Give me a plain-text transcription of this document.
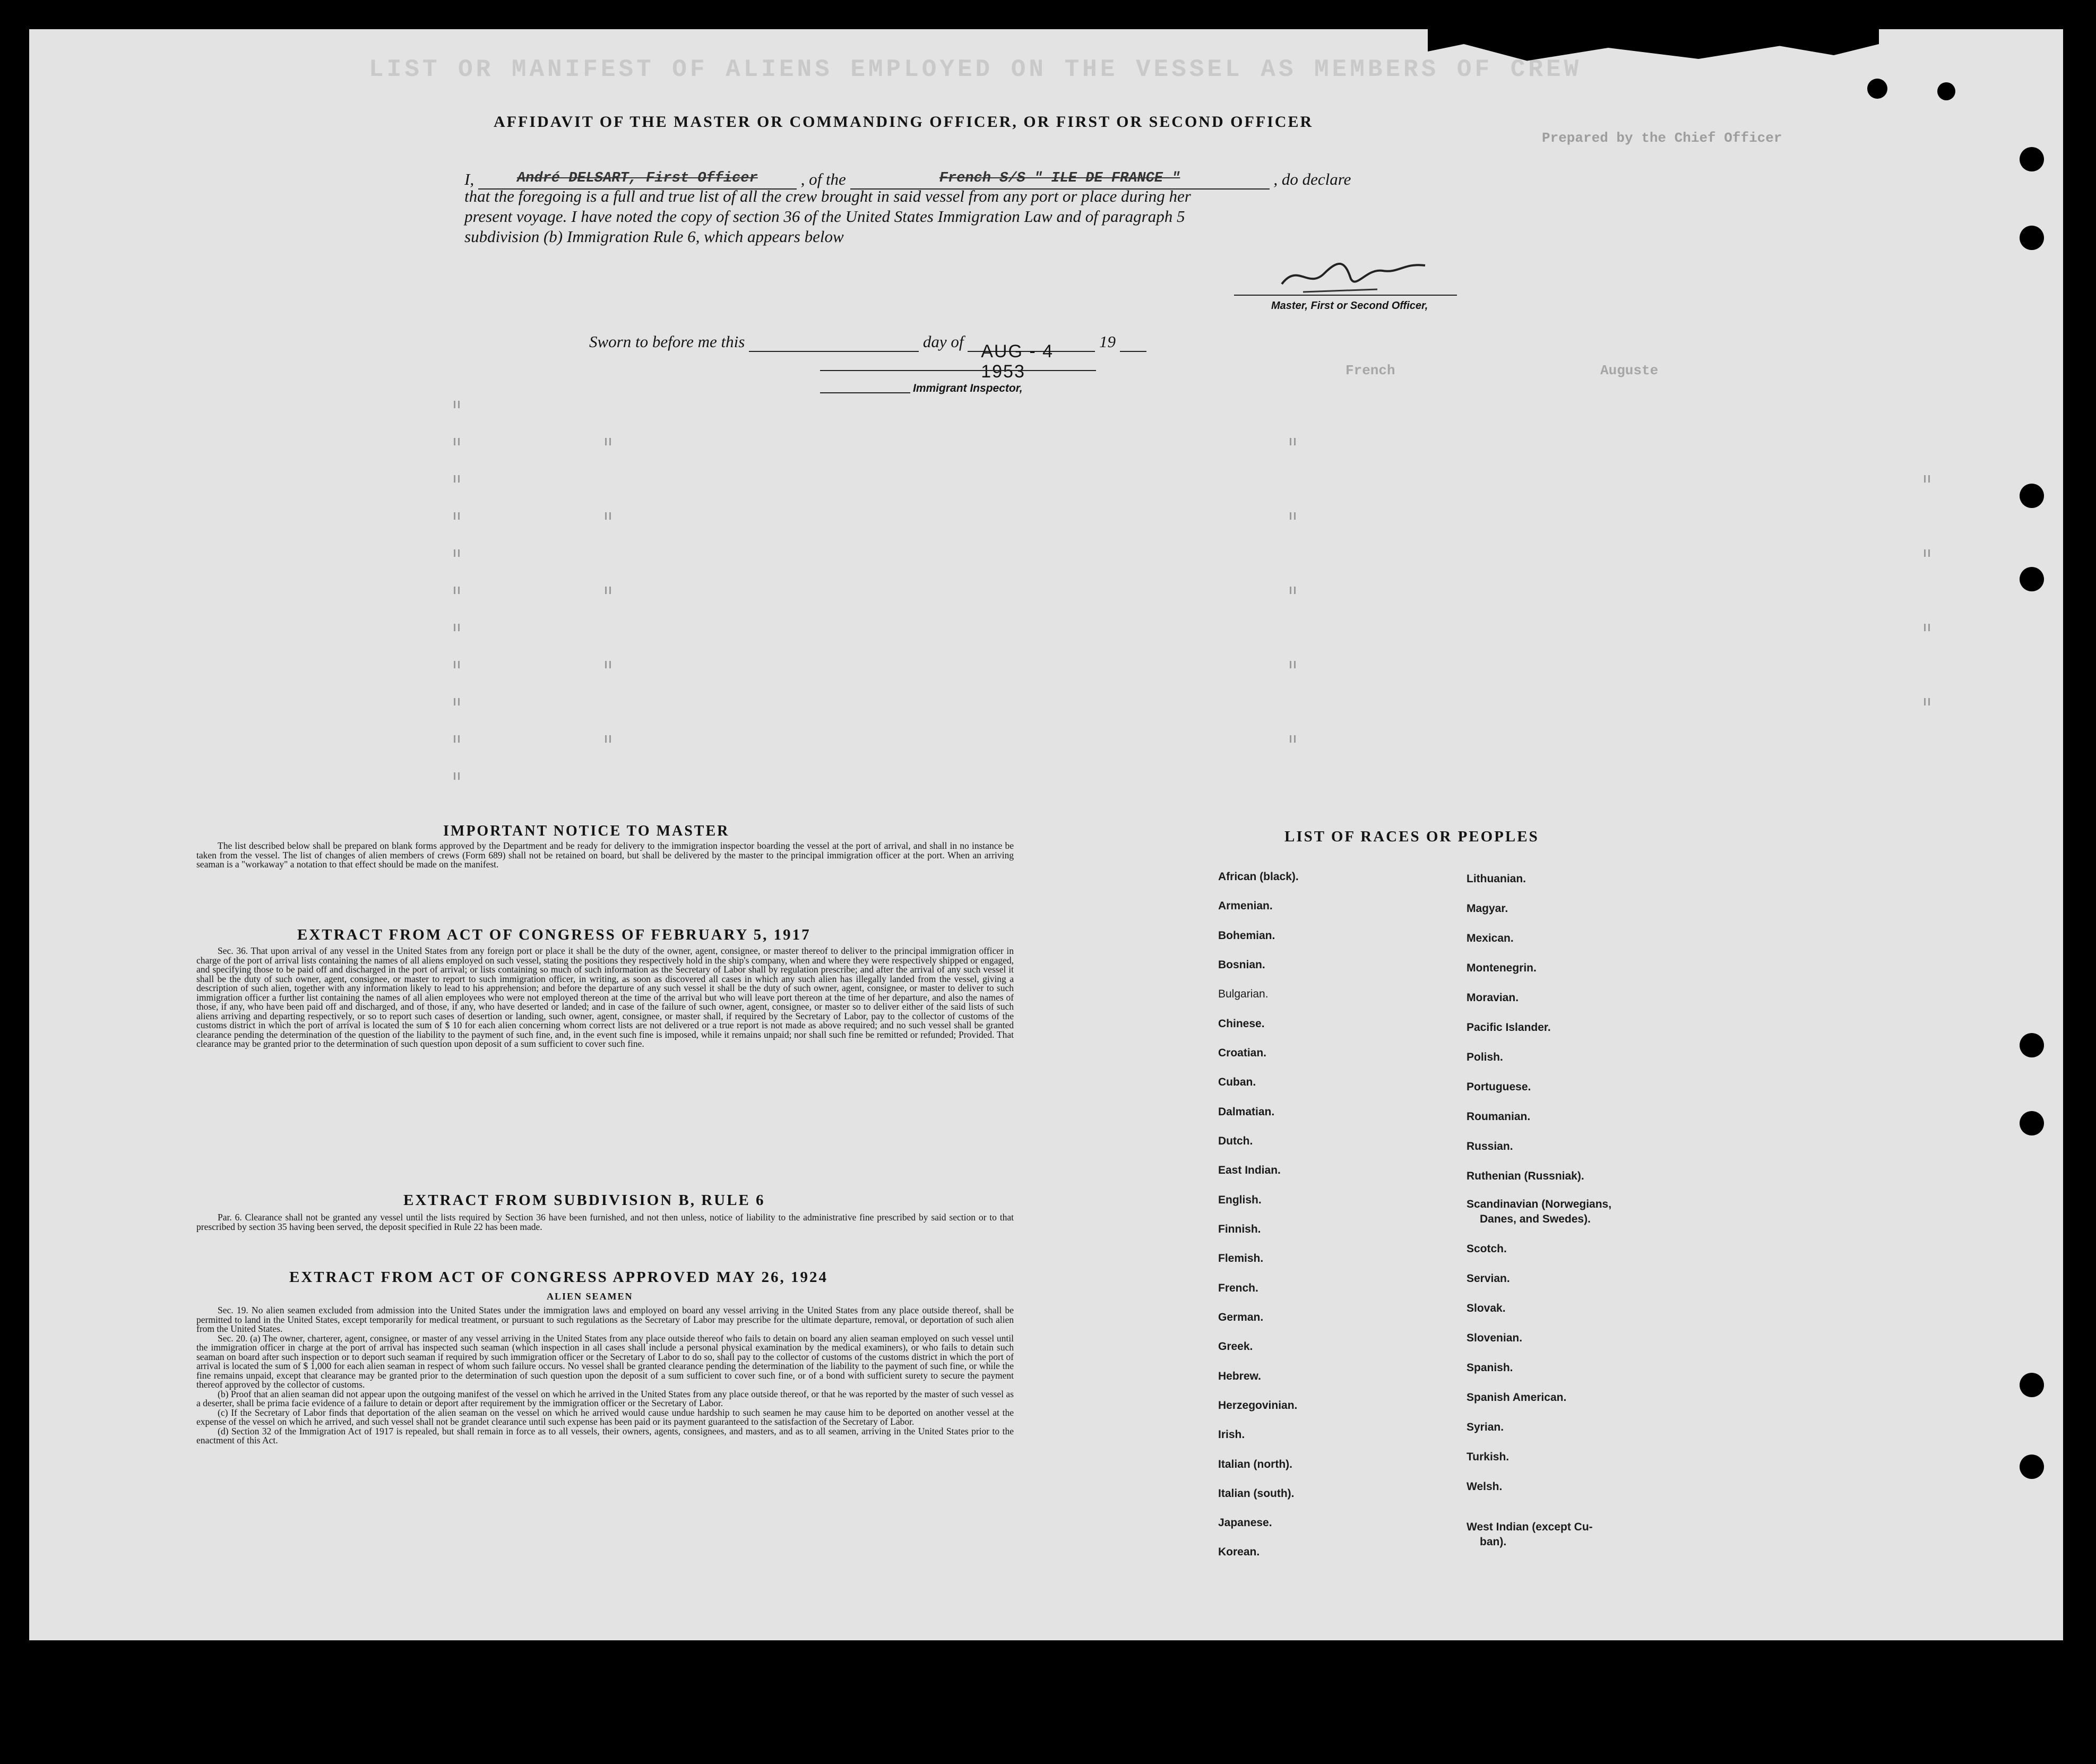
LIST OR MANIFEST OF ALIENS EMPLOYED ON THE VESSEL AS MEMBERS OF CREW
Prepared by the Chief Officer
French	Auguste
AFFIDAVIT OF THE MASTER OR COMMANDING OFFICER, OR FIRST OR SECOND OFFICER
I,	André DELSART, First Officer	, of the	French S/S " ILE DE FRANCE "	, do declare
that the foregoing is a full and true list of all the crew brought in said vessel from any port or place during her
present voyage. I have noted the copy of section 36 of the United States Immigration Law and of paragraph 5
subdivision (b) Immigration Rule 6, which appears below
Master, First or Second Officer,
Sworn to before me this	day of AUG - 4 1953
19
Immigrant Inspector,
IMPORTANT NOTICE TO MASTER

The list described below shall be prepared on blank forms approved by the Department and be ready for delivery to the immigration inspector boarding the vessel at the port of arrival, and shall in no instance be taken from the vessel. The list of changes of alien members of crews (Form 689) shall not be retained on board, but shall be delivered by the master to the principal immigration officer at the port. When an arriving seaman is a "workaway" a notation to that effect should be made on the manifest.

EXTRACT FROM ACT OF CONGRESS OF FEBRUARY 5, 1917

Sec. 36. That upon arrival of any vessel in the United States from any foreign port or place it shall be the duty of the owner, agent, consignee, or master thereof to deliver to the principal immigration officer in charge of the port of arrival lists containing the names of all aliens employed on such vessel, stating the positions they respectively hold in the ship's company, when and where they were respectively shipped or engaged, and specifying those to be paid off and discharged in the port of arrival; or lists containing so much of such information as the Secretary of Labor shall by regulation prescribe; and after the arrival of any such vessel it shall be the duty of such owner, agent, consignee, or master to report to such immigration officer, in writing, as soon as discovered all cases in which any such alien has illegally landed from the vessel, giving a description of such alien, together with any information likely to lead to his apprehension; and before the departure of any such vessel it shall be the duty of such owner, agent, consignee, or master to deliver to such immigration officer a further list containing the names of all alien employees who were not employed thereon at the time of the arrival but who will leave port thereon at the time of her departure, and also the names of those, if any, who have been paid off and discharged, and of those, if any, who have deserted or landed; and in case of the failure of such owner, agent, consignee, or master so to deliver either of the said lists of such aliens arriving and departing respectively, or so to report such cases of desertion or landing, such owner, agent, consignee, or master shall, if required by the Secretary of Labor, pay to the collector of customs of the customs district in which the port of arrival is located the sum of $ 10 for each alien concerning whom correct lists are not delivered or a true report is not made as above required; and no such vessel shall be granted clearance pending the determination of the question of the liability to the payment of such fine, and, in the event such fine is imposed, while it remains unpaid; nor shall such fine be remitted or refunded; Provided. That clearance may be granted prior to the determination of such question upon deposit of a sum sufficient to cover such fine.

EXTRACT FROM SUBDIVISION B, RULE 6

Par. 6. Clearance shall not be granted any vessel until the lists required by Section 36 have been furnished, and not then unless, notice of liability to the administrative fine prescribed by said section or to that prescribed by section 35 having been served, the deposit specified in Rule 22 has been made.

EXTRACT FROM ACT OF CONGRESS APPROVED MAY 26, 1924
ALIEN SEAMEN

Sec. 19. No alien seamen excluded from admission into the United States under the immigration laws and employed on board any vessel arriving in the United States from any place outside thereof, shall be permitted to land in the United States, except temporarily for medical treatment, or pursuant to such regulations as the Secretary of Labor may prescribe for the ultimate departure, removal, or deportation of such alien from the United States.

Sec. 20. (a) The owner, charterer, agent, consignee, or master of any vessel arriving in the United States from any place outside thereof who fails to detain on board any alien seaman employed on such vessel until the immigration officer in charge at the port of arrival has inspected such seaman (which inspection in all cases shall include a personal physical examination by the medical examiners), or who fails to detain such seaman on board after such inspection or to deport such seaman if required by such immigration officer or the Secretary of Labor to do so, shall pay to the collector of customs of the customs district in which the port of arrival is located the sum of $ 1,000 for each alien seaman in respect of whom such failure occurs. No vessel shall be granted clearance pending the determination of the liability to the payment of such fine, or while the fine remains unpaid, except that clearance may be granted prior to the determination of such question upon the deposit of a sum sufficient to cover such fine, or of a bond with sufficient surety to secure the payment thereof approved by the collector of customs.

(b) Proof that an alien seaman did not appear upon the outgoing manifest of the vessel on which he arrived in the United States from any place outside thereof, or that he was reported by the master of such vessel as a deserter, shall be prima facie evidence of a failure to detain or deport after requirement by the immigration officer or the Secretary of Labor.

(c) If the Secretary of Labor finds that deportation of the alien seaman on the vessel on which he arrived would cause undue hardship to such seamen he may cause him to be deported on another vessel at the expense of the vessel on which he arrived, and such vessel shall not be grandet clearance until such expense has been paid or its payment guaranteed to the satisfaction of the Secretary of Labor.

(d) Section 32 of the Immigration Act of 1917 is repealed, but shall remain in force as to all vessels, their owners, agents, consignees, and masters, and as to all seamen, arriving in the United States prior to the enactment of this Act.

LIST OF RACES OR PEOPLES
African (black).
Armenian.
Bohemian.
Bosnian.
Bulgarian.
Chinese.
Croatian.
Cuban.
Dalmatian.
Dutch.
East Indian.
English.
Finnish.
Flemish.
French.
German.
Greek.
Hebrew.
Herzegovinian.
Irish.
Italian (north).
Italian (south).
Japanese.
Korean.
Lithuanian.
Magyar.
Mexican.
Montenegrin.
Moravian.
Pacific Islander.
Polish.
Portuguese.
Roumanian.
Russian.
Ruthenian (Russniak).
Scandinavian (Norwegians,
Danes, and Swedes).
Scotch.
Servian.
Slovak.
Slovenian.
Spanish.
Spanish American.
Syrian.
Turkish.
Welsh.
West Indian (except Cu-
ban).
